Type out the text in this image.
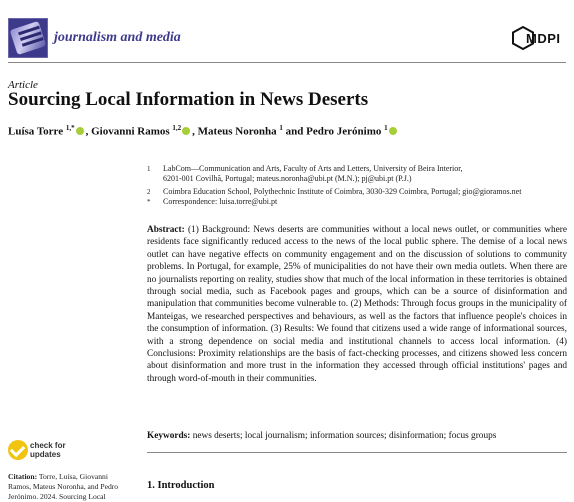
journalism and media	MDPI
Article
Sourcing Local Information in News Deserts
Luísa Torre $^{1,*}$ , Giovanni Ramos $^{1,2}$ , Mateus Noronha $^1$ and Pedro Jerónimo $^1$
1 LabCom—Communication and Arts, Faculty of Arts and Letters, University of Beira Interior,
6201-001 Covilhã, Portugal; mateus.noronha@ubi.pt (M.N.); pj@ubi.pt (P.J.)
2 Coimbra Education School, Polythechnic Institute of Coimbra, 3030-329 Coimbra, Portugal; gio@gioramos.net
* Correspondence: luisa.torre@ubi.pt
Abstract: (1) Background: News deserts are communities without a local news outlet, or communities where residents face significantly reduced access to the news of the local public sphere. The demise of a local news outlet can have negative effects on community engagement and on the discussion of solutions to community problems. In Portugal, for example, 25% of municipalities do not have their own media outlets. When there are no journalists reporting on reality, studies show that much of the local information in these territories is obtained through social media, such as Facebook pages and groups, which can be a source of disinformation and manipulation that communities become vulnerable to. (2) Methods: Through focus groups in the municipality of Manteigas, we researched perspectives and behaviours, as well as the factors that influence people's choices in the consumption of information. (3) Results: We found that citizens used a wide range of informational sources, with a strong dependence on social media and institutional channels to access local information. (4) Conclusions: Proximity relationships are the basis of fact-checking processes, and citizens showed less concern about disinformation and more trust in the information they accessed through official institutions' pages and through word-of-mouth in their communities.
Keywords: news deserts; local journalism; information sources; disinformation; focus groups
check for
updates
Citation: Torre, Luísa, Giovanni Ramos, Mateus Noronha, and Pedro Jerónimo. 2024. Sourcing Local
1. Introduction
